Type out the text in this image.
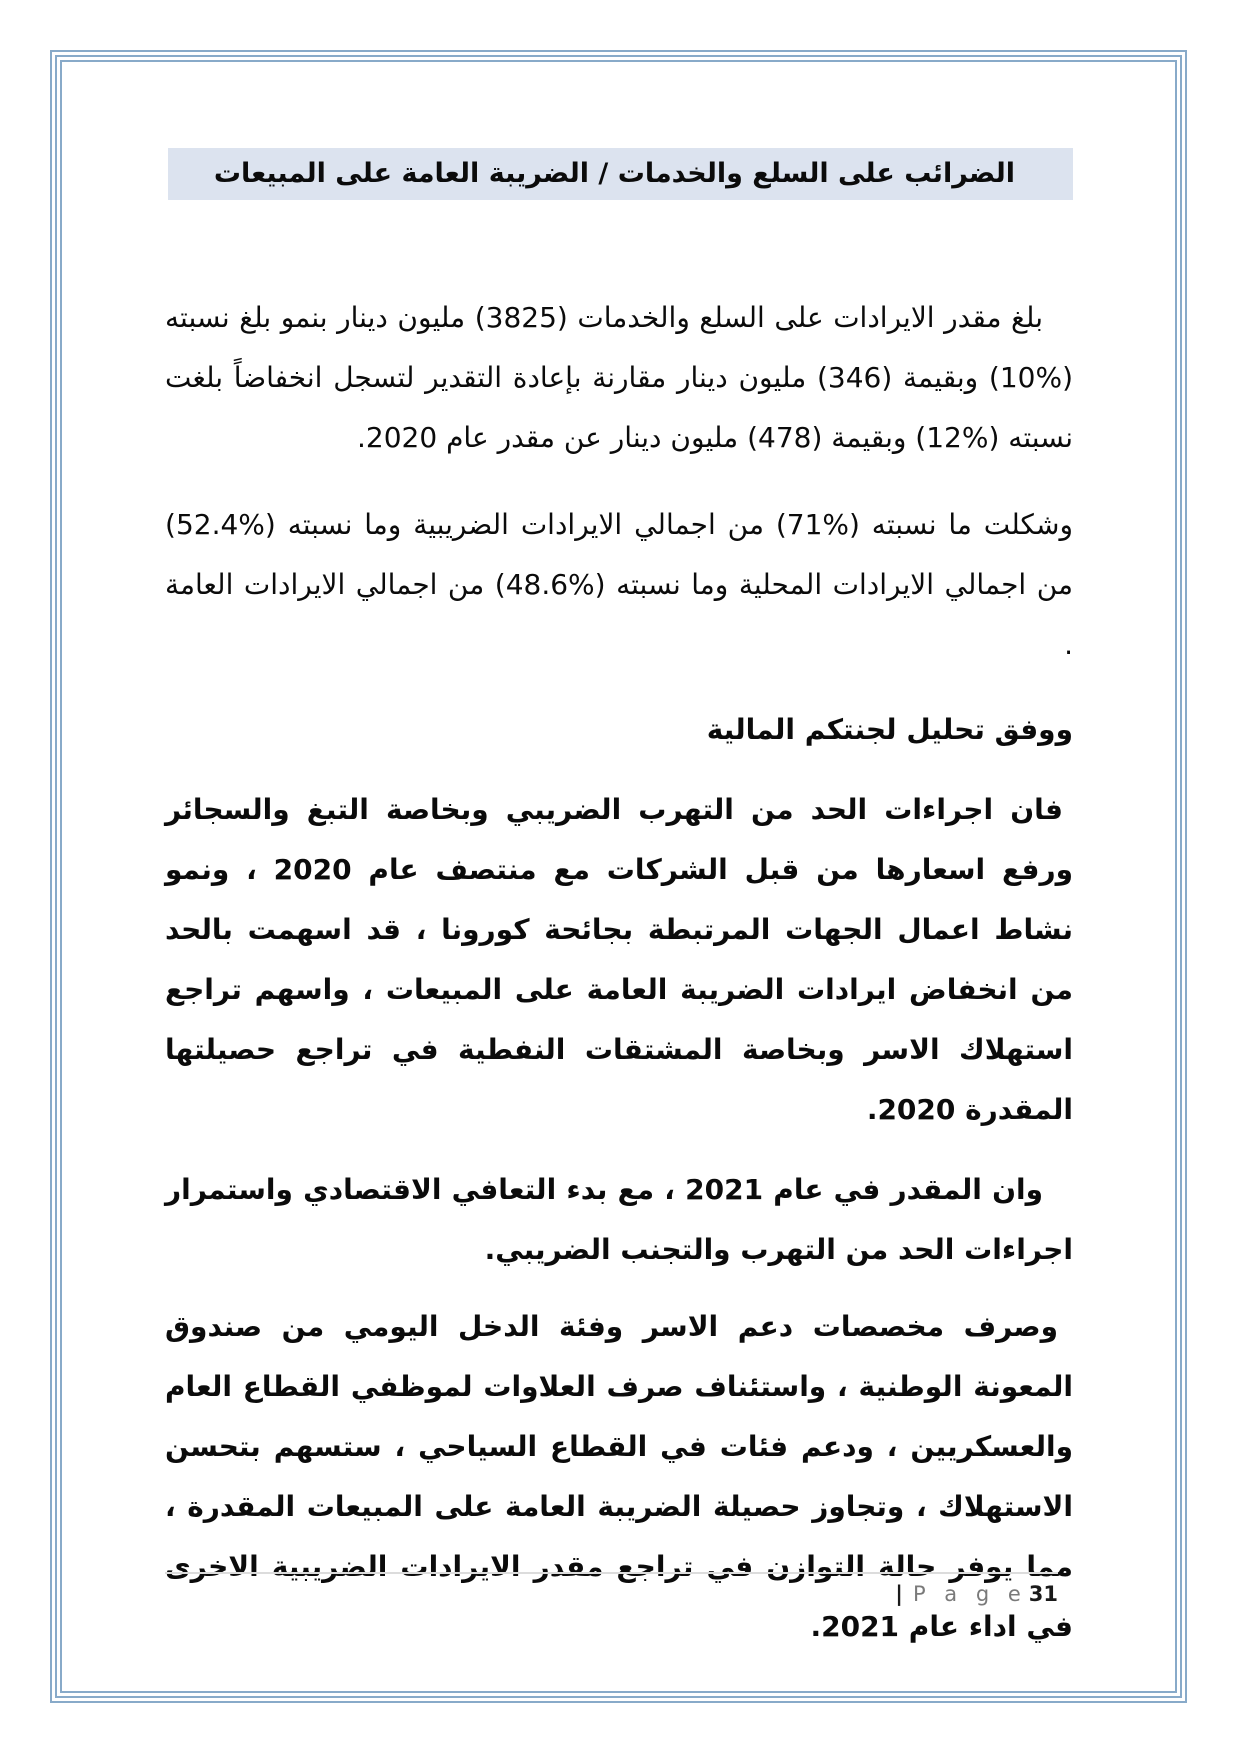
الضرائب على السلع والخدمات / الضريبة العامة على المبيعات

بلغ مقدر الايرادات على السلع والخدمات (3825) مليون دينار بنمو بلغ نسبته (%10) وبقيمة (346) مليون دينار مقارنة بإعادة التقدير لتسجل انخفاضاً بلغت نسبته (%12) وبقيمة (478) مليون دينار عن مقدر عام 2020.

وشكلت ما نسبته (%71) من اجمالي الايرادات الضريبية وما نسبته (%52.4) من اجمالي الايرادات المحلية وما نسبته (%48.6) من اجمالي الايرادات العامة .

ووفق تحليل لجنتكم المالية

فان اجراءات الحد من التهرب الضريبي وبخاصة التبغ والسجائر ورفع اسعارها من قبل الشركات مع منتصف عام 2020 ، ونمو نشاط اعمال الجهات المرتبطة بجائحة كورونا ، قد اسهمت بالحد من انخفاض ايرادات الضريبة العامة على المبيعات ، واسهم تراجع استهلاك الاسر وبخاصة المشتقات النفطية في تراجع حصيلتها المقدرة 2020.

وان المقدر في عام 2021 ، مع بدء التعافي الاقتصادي واستمرار اجراءات الحد من التهرب والتجنب الضريبي.

وصرف مخصصات دعم الاسر وفئة الدخل اليومي من صندوق المعونة الوطنية ، واستئناف صرف العلاوات لموظفي القطاع العام والعسكريين ، ودعم فئات في القطاع السياحي ، ستسهم بتحسن الاستهلاك ، وتجاوز حصيلة الضريبة العامة على المبيعات المقدرة ، مما يوفر حالة التوازن في تراجع مقدر الايرادات الضريبية الاخرى في اداء عام 2021.

| P a g e31
